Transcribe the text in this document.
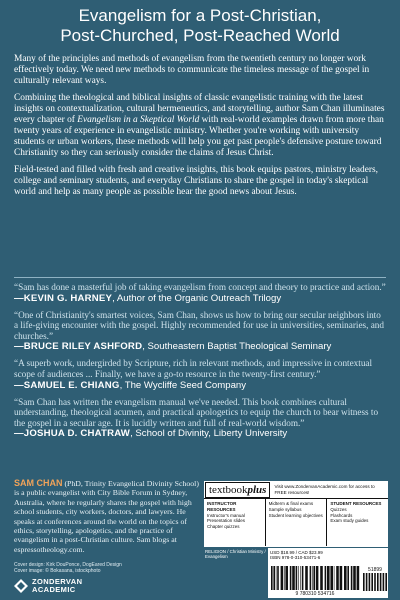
Evangelism for a Post-Christian,
Post-Churched, Post-Reached World

Many of the principles and methods of evangelism from the twentieth century no longer work effectively today. We need new methods to communicate the timeless message of the gospel in culturally relevant ways.

Combining the theological and biblical insights of classic evangelistic training with the latest insights on contextualization, cultural hermeneutics, and storytelling, author Sam Chan illuminates every chapter of Evangelism in a Skeptical World with real-world examples drawn from more than twenty years of experience in evangelistic ministry. Whether you're working with university students or urban workers, these methods will help you get past people's defensive posture toward Christianity so they can seriously consider the claims of Jesus Christ.

Field-tested and filled with fresh and creative insights, this book equips pastors, ministry leaders, college and seminary students, and everyday Christians to share the gospel in today's skeptical world and help as many people as possible hear the good news about Jesus.

“Sam has done a masterful job of taking evangelism from concept and theory to practice and action.”
—KEVIN G. HARNEY, Author of the Organic Outreach Trilogy
“One of Christianity's smartest voices, Sam Chan, shows us how to bring our secular neighbors into a life-giving encounter with the gospel. Highly recommended for use in universities, seminaries, and churches.”
—BRUCE RILEY ASHFORD, Southeastern Baptist Theological Seminary
“A superb work, undergirded by Scripture, rich in relevant methods, and impressive in contextual scope of audiences ... Finally, we have a go-to resource in the twenty-first century.”
—SAMUEL E. CHIANG, The Wycliffe Seed Company
“Sam Chan has written the evangelism manual we've needed. This book combines cultural understanding, theological acumen, and practical apologetics to equip the church to bear witness to the gospel in a secular age. It is lucidly written and full of real-world wisdom.”
—JOSHUA D. CHATRAW, School of Divinity, Liberty University
SAM CHAN (PhD, Trinity Evangelical Divinity School) is a public evangelist with City Bible Forum in Sydney, Australia, where he regularly shares the gospel with high school students, city workers, doctors, and lawyers. He speaks at conferences around the world on the topics of ethics, storytelling, apologetics, and the practice of evangelism in a post-Christian culture. Sam blogs at espressotheology.com.
Cover design: Kirk DouPonce, DogEared Design
Cover image: © Bokasana, istockphoto
ZONDERVAN
ACADEMIC
textbookplus	Visit www.ZondervanAcademic.com for access to FREE resources!
INSTRUCTOR RESOURCES
Instructor's manual
Presentation slides
Chapter quizzes
Midterm & final exams
Sample syllabus
Student learning objectives
STUDENT RESOURCES
Quizzes
Flashcards
Exam study guides
RELIGION / Christian Ministry / Evangelism
USD $18.99 / CAD $23.99
ISBN 978-0-310-53471-6
51899
9 780310 534716
